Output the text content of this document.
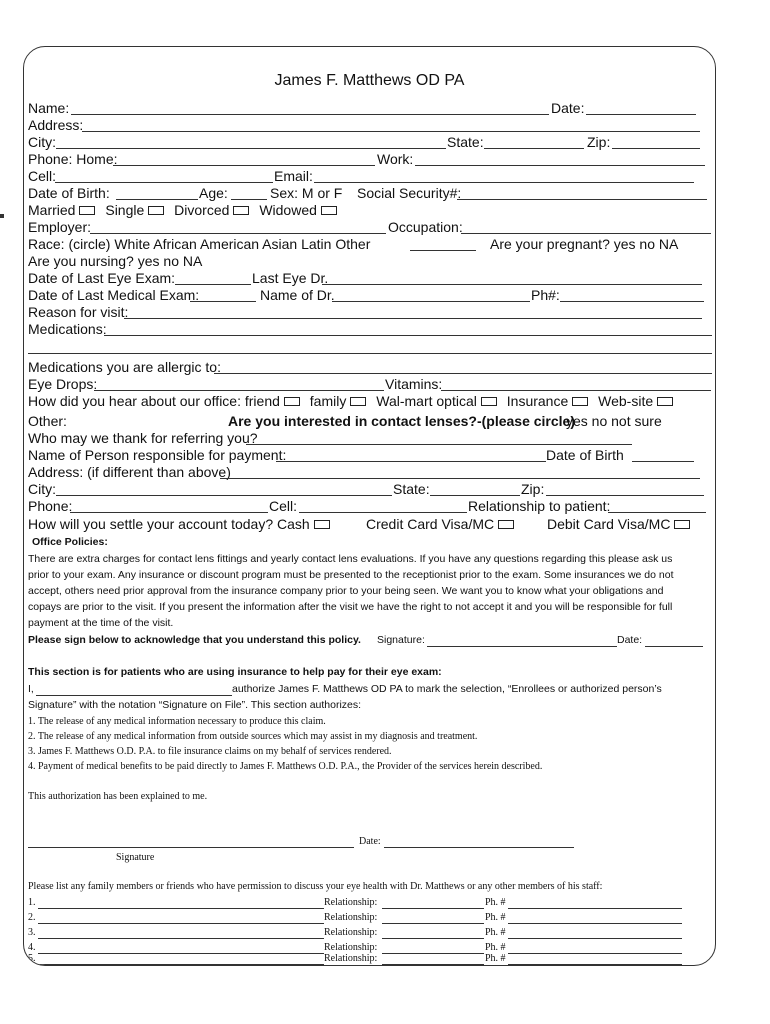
James F. Matthews OD PA
Name:	Date:
Address:
City:	State:	Zip:
Phone: Home:	Work:
Cell:	Email:
Date of Birth:	Age:	Sex: M or F Social Security#:
Married Single Divorced Widowed
Employer:	Occupation:
Race: (circle) White African American Asian Latin Other	Are your pregnant? yes no NA
Are you nursing? yes no NA
Date of Last Eye Exam:	Last Eye Dr.
Date of Last Medical Exam:	Name of Dr.	Ph#:
Reason for visit:
Medications:
Medications you are allergic to:
Eye Drops:	Vitamins:
How did you hear about our office: friend family Wal-mart optical Insurance Web-site
Other:	Are you interested in contact lenses?-(please circle)
yes no not sure
Who may we thank for referring you?
Name of Person responsible for payment:	Date of Birth
Address: (if different than above)
City:	State:	Zip:
Phone:	Cell:	Relationship to patient:
How will you settle your account today? Cash	Credit Card Visa/MC	Debit Card Visa/MC
Office Policies:
There are extra charges for contact lens fittings and yearly contact lens evaluations. If you have any questions regarding this please ask us
prior to your exam. Any insurance or discount program must be presented to the receptionist prior to the exam. Some insurances we do not
accept, others need prior approval from the insurance company prior to your being seen. We want you to know what your obligations and
copays are prior to the visit. If you present the information after the visit we have the right to not accept it and you will be responsible for full
payment at the time of the visit.
Please sign below to acknowledge that you understand this policy. Signature:	Date:
This section is for patients who are using insurance to help pay for their eye exam:
I,	authorize James F. Matthews OD PA to mark the selection, “Enrollees or authorized person’s
Signature” with the notation “Signature on File”. This section authorizes:
1. The release of any medical information necessary to produce this claim.
2. The release of any medical information from outside sources which may assist in my diagnosis and treatment.
3. James F. Matthews O.D. P.A. to file insurance claims on my behalf of services rendered.
4. Payment of medical benefits to be paid directly to James F. Matthews O.D. P.A., the Provider of the services herein described.
This authorization has been explained to me.
Date:
Signature
Please list any family members or friends who have permission to discuss your eye health with Dr. Matthews or any other members of his staff:
1.	Relationship:	Ph. #
2.	Relationship:	Ph. #
3.	Relationship:	Ph. #
4.	Relationship:	Ph. #
5.	Relationship:	Ph. #
